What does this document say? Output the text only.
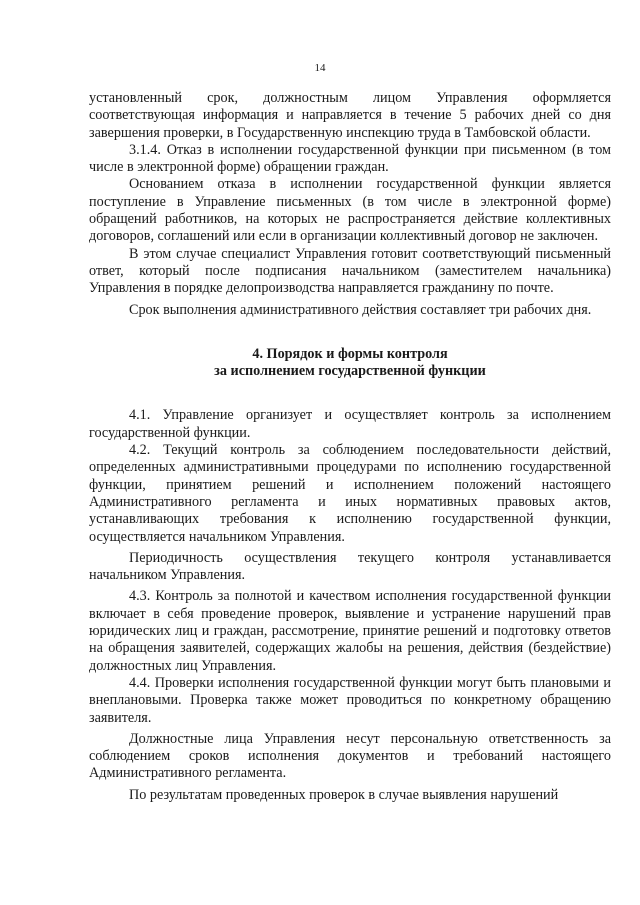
14

установленный срок, должностным лицом Управления оформляется соответствующая информация и направляется в течение 5 рабочих дней со дня завершения проверки, в Государственную инспекцию труда в Тамбовской области.

3.1.4. Отказ в исполнении государственной функции при письменном (в том числе в электронной форме) обращении граждан.

Основанием отказа в исполнении государственной функции является поступление в Управление письменных (в том числе в электронной форме) обращений работников, на которых не распространяется действие коллективных договоров, соглашений или если в организации коллективный договор не заключен.

В этом случае специалист Управления готовит соответствующий письменный ответ, который после подписания начальником (заместителем начальника) Управления в порядке делопроизводства направляется гражданину по почте.

Срок выполнения административного действия составляет три рабочих дня.

4. Порядок и формы контроля

за исполнением государственной функции

4.1. Управление организует и осуществляет контроль за исполнением государственной функции.

4.2. Текущий контроль за соблюдением последовательности действий, определенных административными процедурами по исполнению государственной функции, принятием решений и исполнением положений настоящего Административного регламента и иных нормативных правовых актов, устанавливающих требования к исполнению государственной функции, осуществляется начальником Управления.

Периодичность осуществления текущего контроля устанавливается начальником Управления.

4.3. Контроль за полнотой и качеством исполнения государственной функции включает в себя проведение проверок, выявление и устранение нарушений прав юридических лиц и граждан, рассмотрение, принятие решений и подготовку ответов на обращения заявителей, содержащих жалобы на решения, действия (бездействие) должностных лиц Управления.

4.4. Проверки исполнения государственной функции могут быть плановыми и внеплановыми. Проверка также может проводиться по конкретному обращению заявителя.

Должностные лица Управления несут персональную ответственность за соблюдением сроков исполнения документов и требований настоящего Административного регламента.

По результатам проведенных проверок в случае выявления нарушений
